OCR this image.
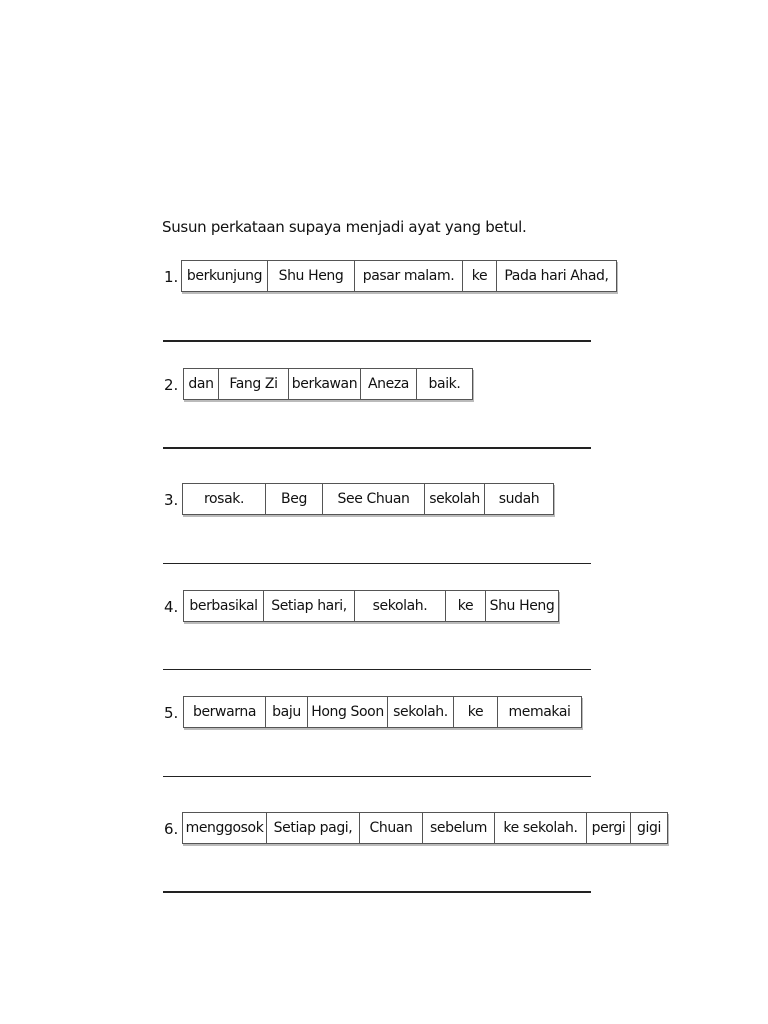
Susun perkataan supaya menjadi ayat yang betul.
1. berkunjung	Shu Heng	pasar malam.	ke	Pada hari Ahad,
2. dan	Fang Zi	berkawan Aneza	baik.
3.	rosak.	Beg	See Chuan	sekolah	sudah
4. berbasikal Setiap hari,	sekolah.	ke	Shu Heng
5.	berwarna	baju Hong Soon sekolah.	ke	memakai
6. menggosok Setiap pagi,	Chuan	sebelum	ke sekolah.	pergi gigi
